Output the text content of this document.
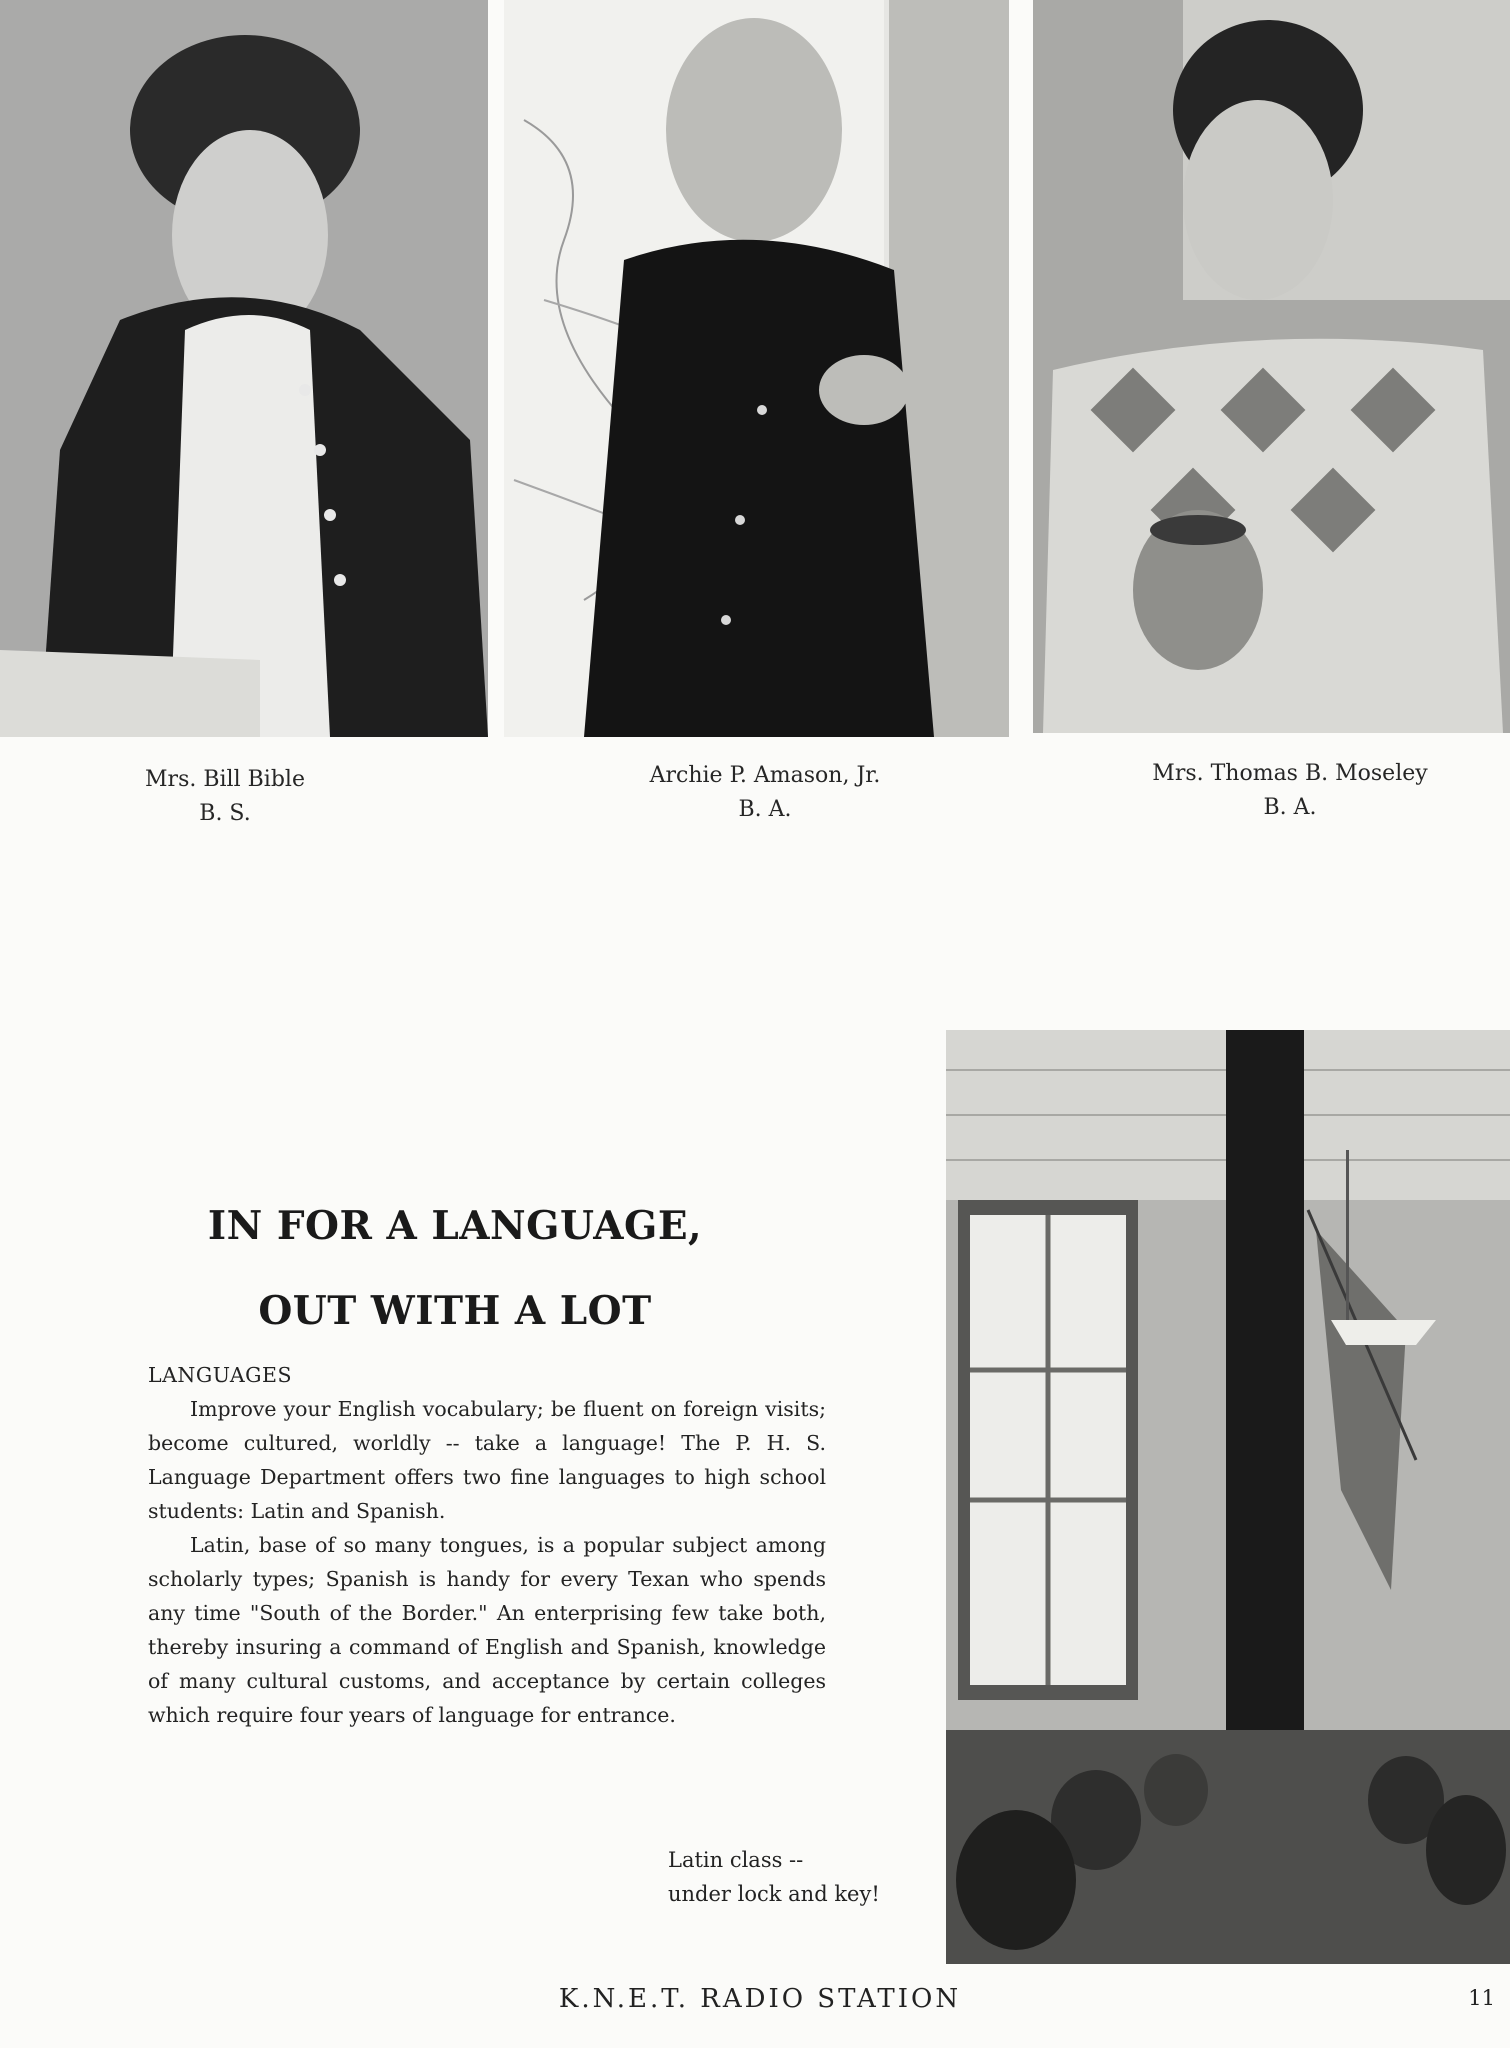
Mrs. Bill Bible
B. S.
Archie P. Amason, Jr.
B. A.
Mrs. Thomas B. Moseley
B. A.
IN FOR A LANGUAGE,
OUT WITH A LOT
LANGUAGES

Improve your English vocabulary; be fluent on foreign visits; become cultured, worldly -- take a language! The P. H. S. Language Department offers two fine languages to high school students: Latin and Spanish.

Latin, base of so many tongues, is a popular subject among scholarly types; Spanish is handy for every Texan who spends any time "South of the Border." An enterprising few take both, thereby insuring a command of English and Spanish, knowledge of many cultural customs, and acceptance by certain colleges which require four years of language for entrance.

Latin class --
under lock and key!
K.N.E.T. RADIO STATION	11
